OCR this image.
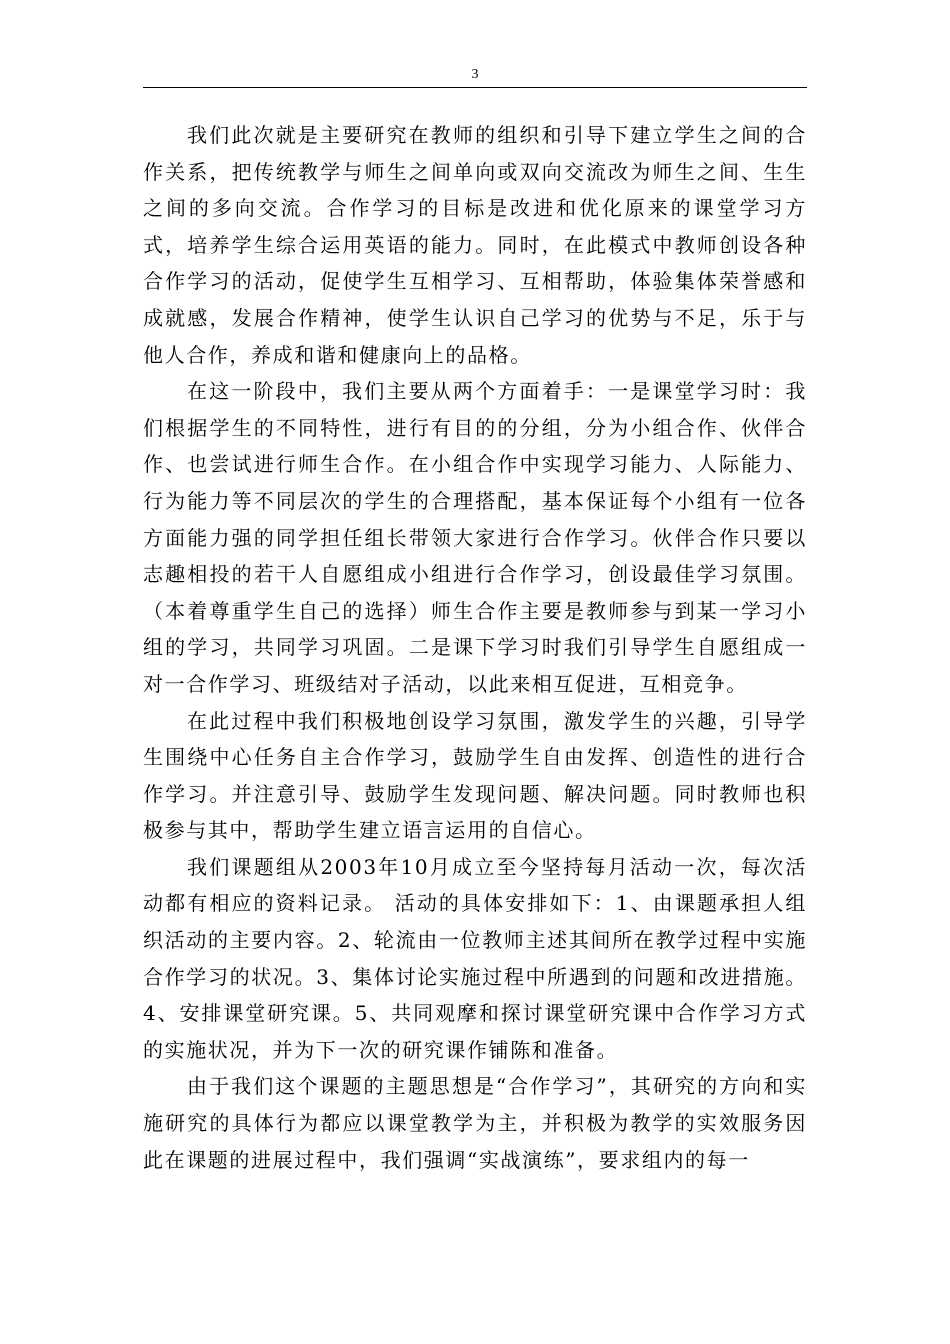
3

我们此次就是主要研究在教师的组织和引导下建立学生之间的合作关系，把传统教学与师生之间单向或双向交流改为师生之间、生生之间的多向交流。合作学习的目标是改进和优化原来的课堂学习方式，培养学生综合运用英语的能力。同时，在此模式中教师创设各种合作学习的活动，促使学生互相学习、互相帮助，体验集体荣誉感和成就感，发展合作精神，使学生认识自己学习的优势与不足，乐于与他人合作，养成和谐和健康向上的品格。

在这一阶段中，我们主要从两个方面着手：一是课堂学习时：我们根据学生的不同特性，进行有目的的分组，分为小组合作、伙伴合作、也尝试进行师生合作。在小组合作中实现学习能力、人际能力、行为能力等不同层次的学生的合理搭配，基本保证每个小组有一位各方面能力强的同学担任组长带领大家进行合作学习。伙伴合作只要以志趣相投的若干人自愿组成小组进行合作学习，创设最佳学习氛围。（本着尊重学生自己的选择）师生合作主要是教师参与到某一学习小组的学习，共同学习巩固。二是课下学习时我们引导学生自愿组成一对一合作学习、班级结对子活动，以此来相互促进，互相竞争。

在此过程中我们积极地创设学习氛围，激发学生的兴趣，引导学生围绕中心任务自主合作学习，鼓励学生自由发挥、创造性的进行合作学习。并注意引导、鼓励学生发现问题、解决问题。同时教师也积极参与其中，帮助学生建立语言运用的自信心。

我们课题组从2003年10月成立至今坚持每月活动一次，每次活动都有相应的资料记录。 活动的具体安排如下：1、由课题承担人组织活动的主要内容。2、轮流由一位教师主述其间所在教学过程中实施合作学习的状况。3、集体讨论实施过程中所遇到的问题和改进措施。4、安排课堂研究课。5、共同观摩和探讨课堂研究课中合作学习方式的实施状况，并为下一次的研究课作铺陈和准备。

由于我们这个课题的主题思想是“合作学习”，其研究的方向和实施研究的具体行为都应以课堂教学为主，并积极为教学的实效服务因此在课题的进展过程中，我们强调“实战演练”，要求组内的每一
